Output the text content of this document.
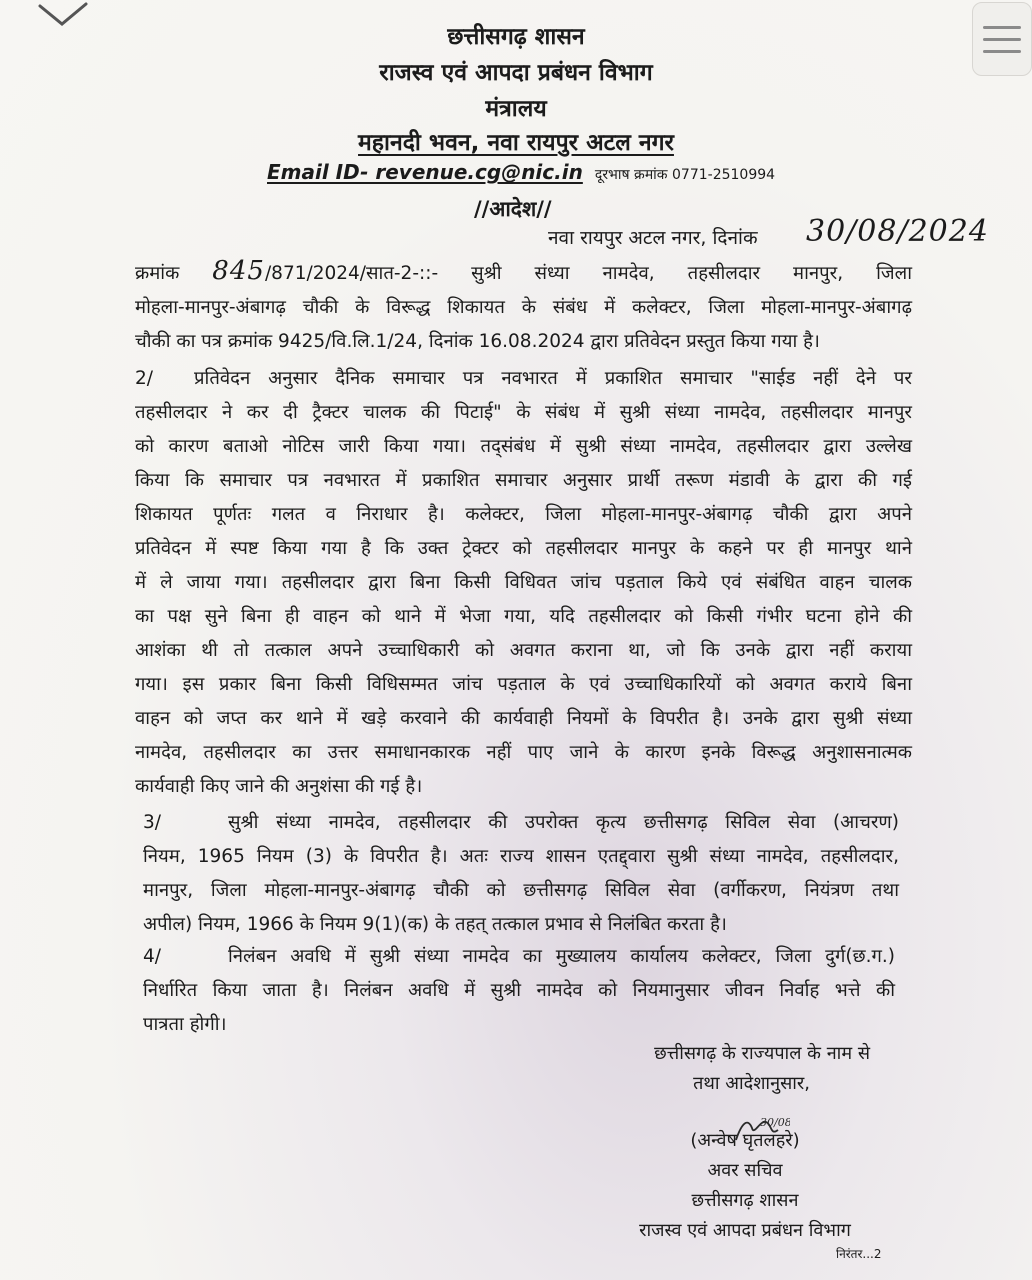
छत्तीसगढ़ शासन
राजस्व एवं आपदा प्रबंधन विभाग
मंत्रालय
महानदी भवन, नवा रायपुर अटल नगर
Email ID- revenue.cg@nic.in दूरभाष क्रमांक 0771-2510994
//आदेश//
नवा रायपुर अटल नगर, दिनांक 30/08/2024
क्रमांक 845/871/2024/सात-2-::- सुश्री संध्या नामदेव, तहसीलदार मानपुर, जिला
मोहला-मानपुर-अंबागढ़ चौकी के विरूद्ध शिकायत के संबंध में कलेक्टर, जिला मोहला-मानपुर-अंबागढ़
चौकी का पत्र क्रमांक 9425/वि.लि.1/24, दिनांक 16.08.2024 द्वारा प्रतिवेदन प्रस्तुत किया गया है।
2/ प्रतिवेदन अनुसार दैनिक समाचार पत्र नवभारत में प्रकाशित समाचार "साईड नहीं देने पर
तहसीलदार ने कर दी ट्रैक्टर चालक की पिटाई" के संबंध में सुश्री संध्या नामदेव, तहसीलदार मानपुर
को कारण बताओ नोटिस जारी किया गया। तद्संबंध में सुश्री संध्या नामदेव, तहसीलदार द्वारा उल्लेख
किया कि समाचार पत्र नवभारत में प्रकाशित समाचार अनुसार प्रार्थी तरूण मंडावी के द्वारा की गई
शिकायत पूर्णतः गलत व निराधार है। कलेक्टर, जिला मोहला-मानपुर-अंबागढ़ चौकी द्वारा अपने
प्रतिवेदन में स्पष्ट किया गया है कि उक्त ट्रेक्टर को तहसीलदार मानपुर के कहने पर ही मानपुर थाने
में ले जाया गया। तहसीलदार द्वारा बिना किसी विधिवत जांच पड़ताल किये एवं संबंधित वाहन चालक
का पक्ष सुने बिना ही वाहन को थाने में भेजा गया, यदि तहसीलदार को किसी गंभीर घटना होने की
आशंका थी तो तत्काल अपने उच्चाधिकारी को अवगत कराना था, जो कि उनके द्वारा नहीं कराया
गया। इस प्रकार बिना किसी विधिसम्मत जांच पड़ताल के एवं उच्चाधिकारियों को अवगत कराये बिना
वाहन को जप्त कर थाने में खड़े करवाने की कार्यवाही नियमों के विपरीत है। उनके द्वारा सुश्री संध्या
नामदेव, तहसीलदार का उत्तर समाधानकारक नहीं पाए जाने के कारण इनके विरूद्ध अनुशासनात्मक
कार्यवाही किए जाने की अनुशंसा की गई है।
3/	सुश्री संध्या नामदेव, तहसीलदार की उपरोक्त कृत्य छत्तीसगढ़ सिविल सेवा (आचरण)
नियम, 1965 नियम (3) के विपरीत है। अतः राज्य शासन एतद्द्वारा सुश्री संध्या नामदेव, तहसीलदार,
मानपुर, जिला मोहला-मानपुर-अंबागढ़ चौकी को छत्तीसगढ़ सिविल सेवा (वर्गीकरण, नियंत्रण तथा
अपील) नियम, 1966 के नियम 9(1)(क) के तहत् तत्काल प्रभाव से निलंबित करता है।
4/	निलंबन अवधि में सुश्री संध्या नामदेव का मुख्यालय कार्यालय कलेक्टर, जिला दुर्ग(छ.ग.)
निर्धारित किया जाता है। निलंबन अवधि में सुश्री नामदेव को नियमानुसार जीवन निर्वाह भत्ते की
पात्रता होगी।
छत्तीसगढ़ के राज्यपाल के नाम से
तथा आदेशानुसार,
30/08
(अन्वेष घृतलहरे)
अवर सचिव
छत्तीसगढ़ शासन
राजस्व एवं आपदा प्रबंधन विभाग
निरंतर...2
